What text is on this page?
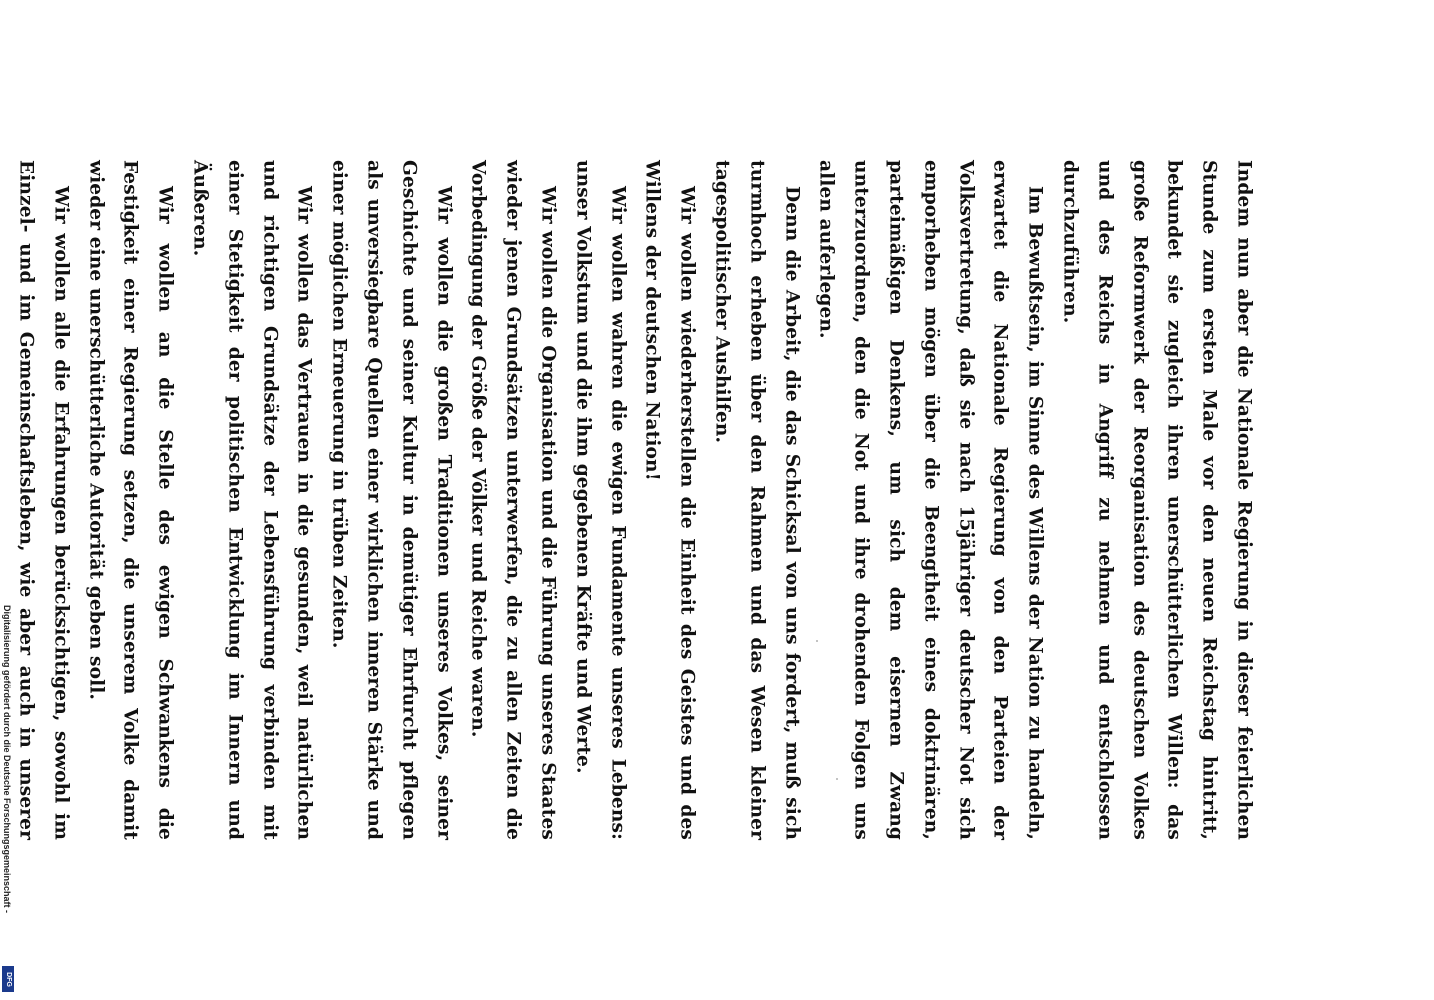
Indem nun aber die Nationale Regierung in dieser feierlichen Stunde zum ersten Male vor den neuen Reichstag hintritt, bekundet sie zugleich ihren unerschütterlichen Willen: das große Reformwerk der Reorganisation des deutschen Volkes und des Reichs in Angriff zu nehmen und entschlossen durchzuführen.

Im Bewußtsein, im Sinne des Willens der Nation zu handeln, erwartet die Nationale Regierung von den Parteien der Volksvertretung, daß sie nach 15jähriger deutscher Not sich emporheben mögen über die Beengtheit eines doktrinären, parteimäßigen Denkens, um sich dem eisernen Zwang unterzuordnen, den die Not und ihre drohenden Folgen uns allen auferlegen.

Denn die Arbeit, die das Schicksal von uns fordert, muß sich turmhoch erheben über den Rahmen und das Wesen kleiner tagespolitischer Aushilfen.

Wir wollen wiederherstellen die Einheit des Geistes und des Willens der deutschen Nation!

Wir wollen wahren die ewigen Fundamente unseres Lebens: unser Volkstum und die ihm gegebenen Kräfte und Werte.

Wir wollen die Organisation und die Führung unseres Staates wieder jenen Grundsätzen unterwerfen, die zu allen Zeiten die Vorbedingung der Größe der Völker und Reiche waren.

Wir wollen die großen Traditionen unseres Volkes, seiner Geschichte und seiner Kultur in demütiger Ehrfurcht pflegen als unversiegbare Quellen einer wirklichen inneren Stärke und einer möglichen Erneuerung in trüben Zeiten.

Wir wollen das Vertrauen in die gesunden, weil natürlichen und richtigen Grundsätze der Lebensführung verbinden mit einer Stetigkeit der politischen Entwicklung im Innern und Äußeren.

Wir wollen an die Stelle des ewigen Schwankens die Festigkeit einer Regierung setzen, die unserem Volke damit wieder eine unerschütterliche Autorität geben soll.

Wir wollen alle die Erfahrungen berücksichtigen, sowohl im Einzel- und im Gemeinschaftsleben, wie aber auch in unserer

Digitalisierung gefördert durch die Deutsche Forschungsgemeinschaft -
DFG
